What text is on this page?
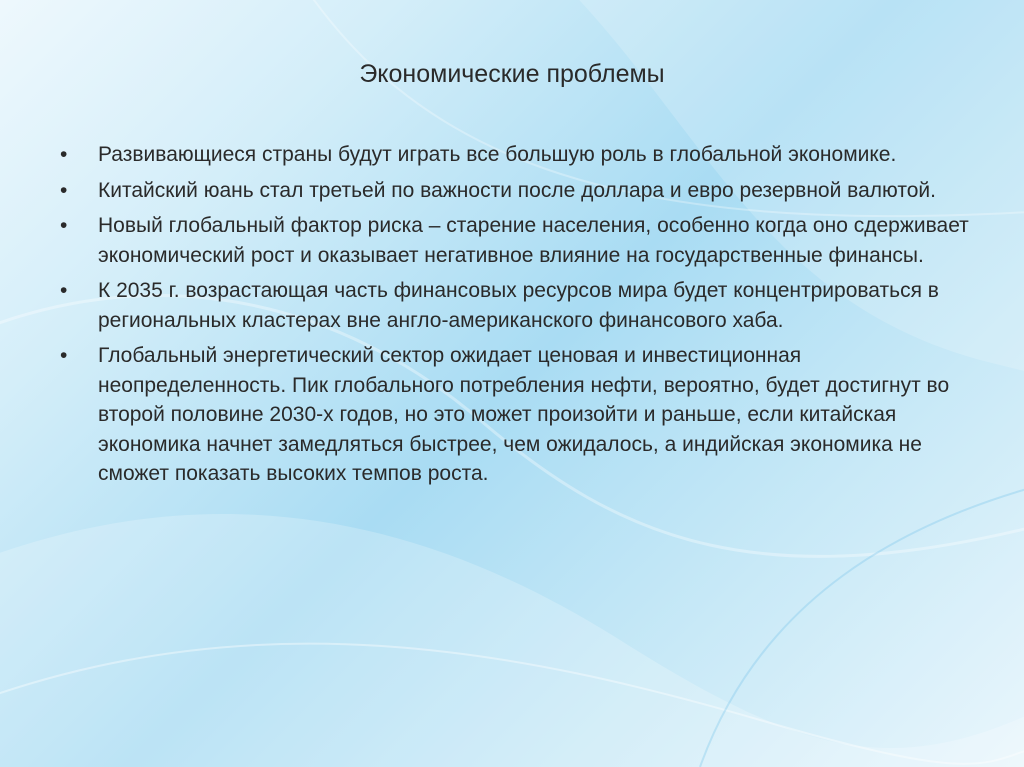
Экономические проблемы
•	Развивающиеся страны будут играть все большую роль в глобальной экономике.
•	Китайский юань стал третьей по важности после доллара и евро резервной валютой.
•	Новый глобальный фактор риска – старение населения, особенно когда оно сдерживает экономический рост и оказывает негативное влияние на государственные финансы.
•	К 2035 г. возрастающая часть финансовых ресурсов мира будет концентрироваться в региональных кластерах вне англо-американского финансового хаба.
•	Глобальный энергетический сектор ожидает ценовая и инвестиционная неопределенность. Пик глобального потребления нефти, вероятно, будет достигнут во второй половине 2030-х годов, но это может произойти и раньше, если китайская экономика начнет замедляться быстрее, чем ожидалось, а индийская экономика не сможет показать высоких темпов роста.
